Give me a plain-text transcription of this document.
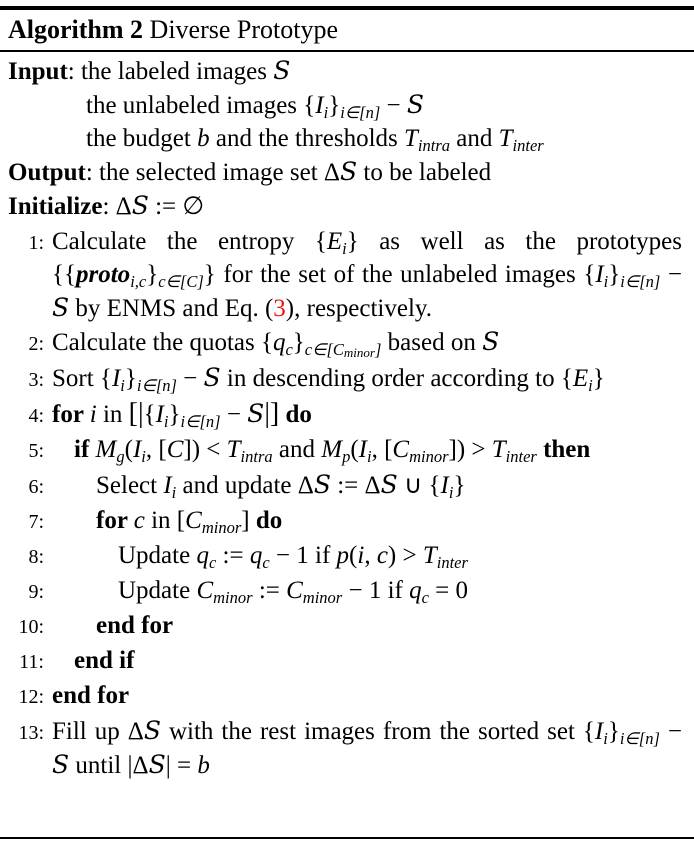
Algorithm 2 Diverse Prototype
Input: the labeled images S
the unlabeled images {Ii}i∈[n] − S
the budget b and the thresholds Tintra and Tinter
Output: the selected image set ΔS to be labeled
Initialize: ΔS := ∅
1: Calculate the entropy {Ei} as well as the prototypes {{protoi,c}c∈[C]} for the set of the unlabeled images {Ii}i∈[n] − S by ENMS and Eq. (3), respectively.
2: Calculate the quotas $\{qc\}c\in[C_{minor}]$ based on S
3: Sort {Ii}i∈[n] − S in descending order according to {Ei}
4: for i in [|{Ii}i∈[n] − S|] do
5:	if Mg(Ii, [C]) < Tintra and Mp(Ii, [Cminor]) > Tinter then
6:	Select Ii and update ΔS := ΔS ∪ {Ii}
7:	for c in [Cminor] do
8:	Update qc := qc − 1 if p(i, c) > Tinter
9:	Update Cminor := Cminor − 1 if qc = 0
10:	end for
11:	end if
12: end for
13: Fill up ΔS with the rest images from the sorted set {Ii}i∈[n] − S until |ΔS| = b
